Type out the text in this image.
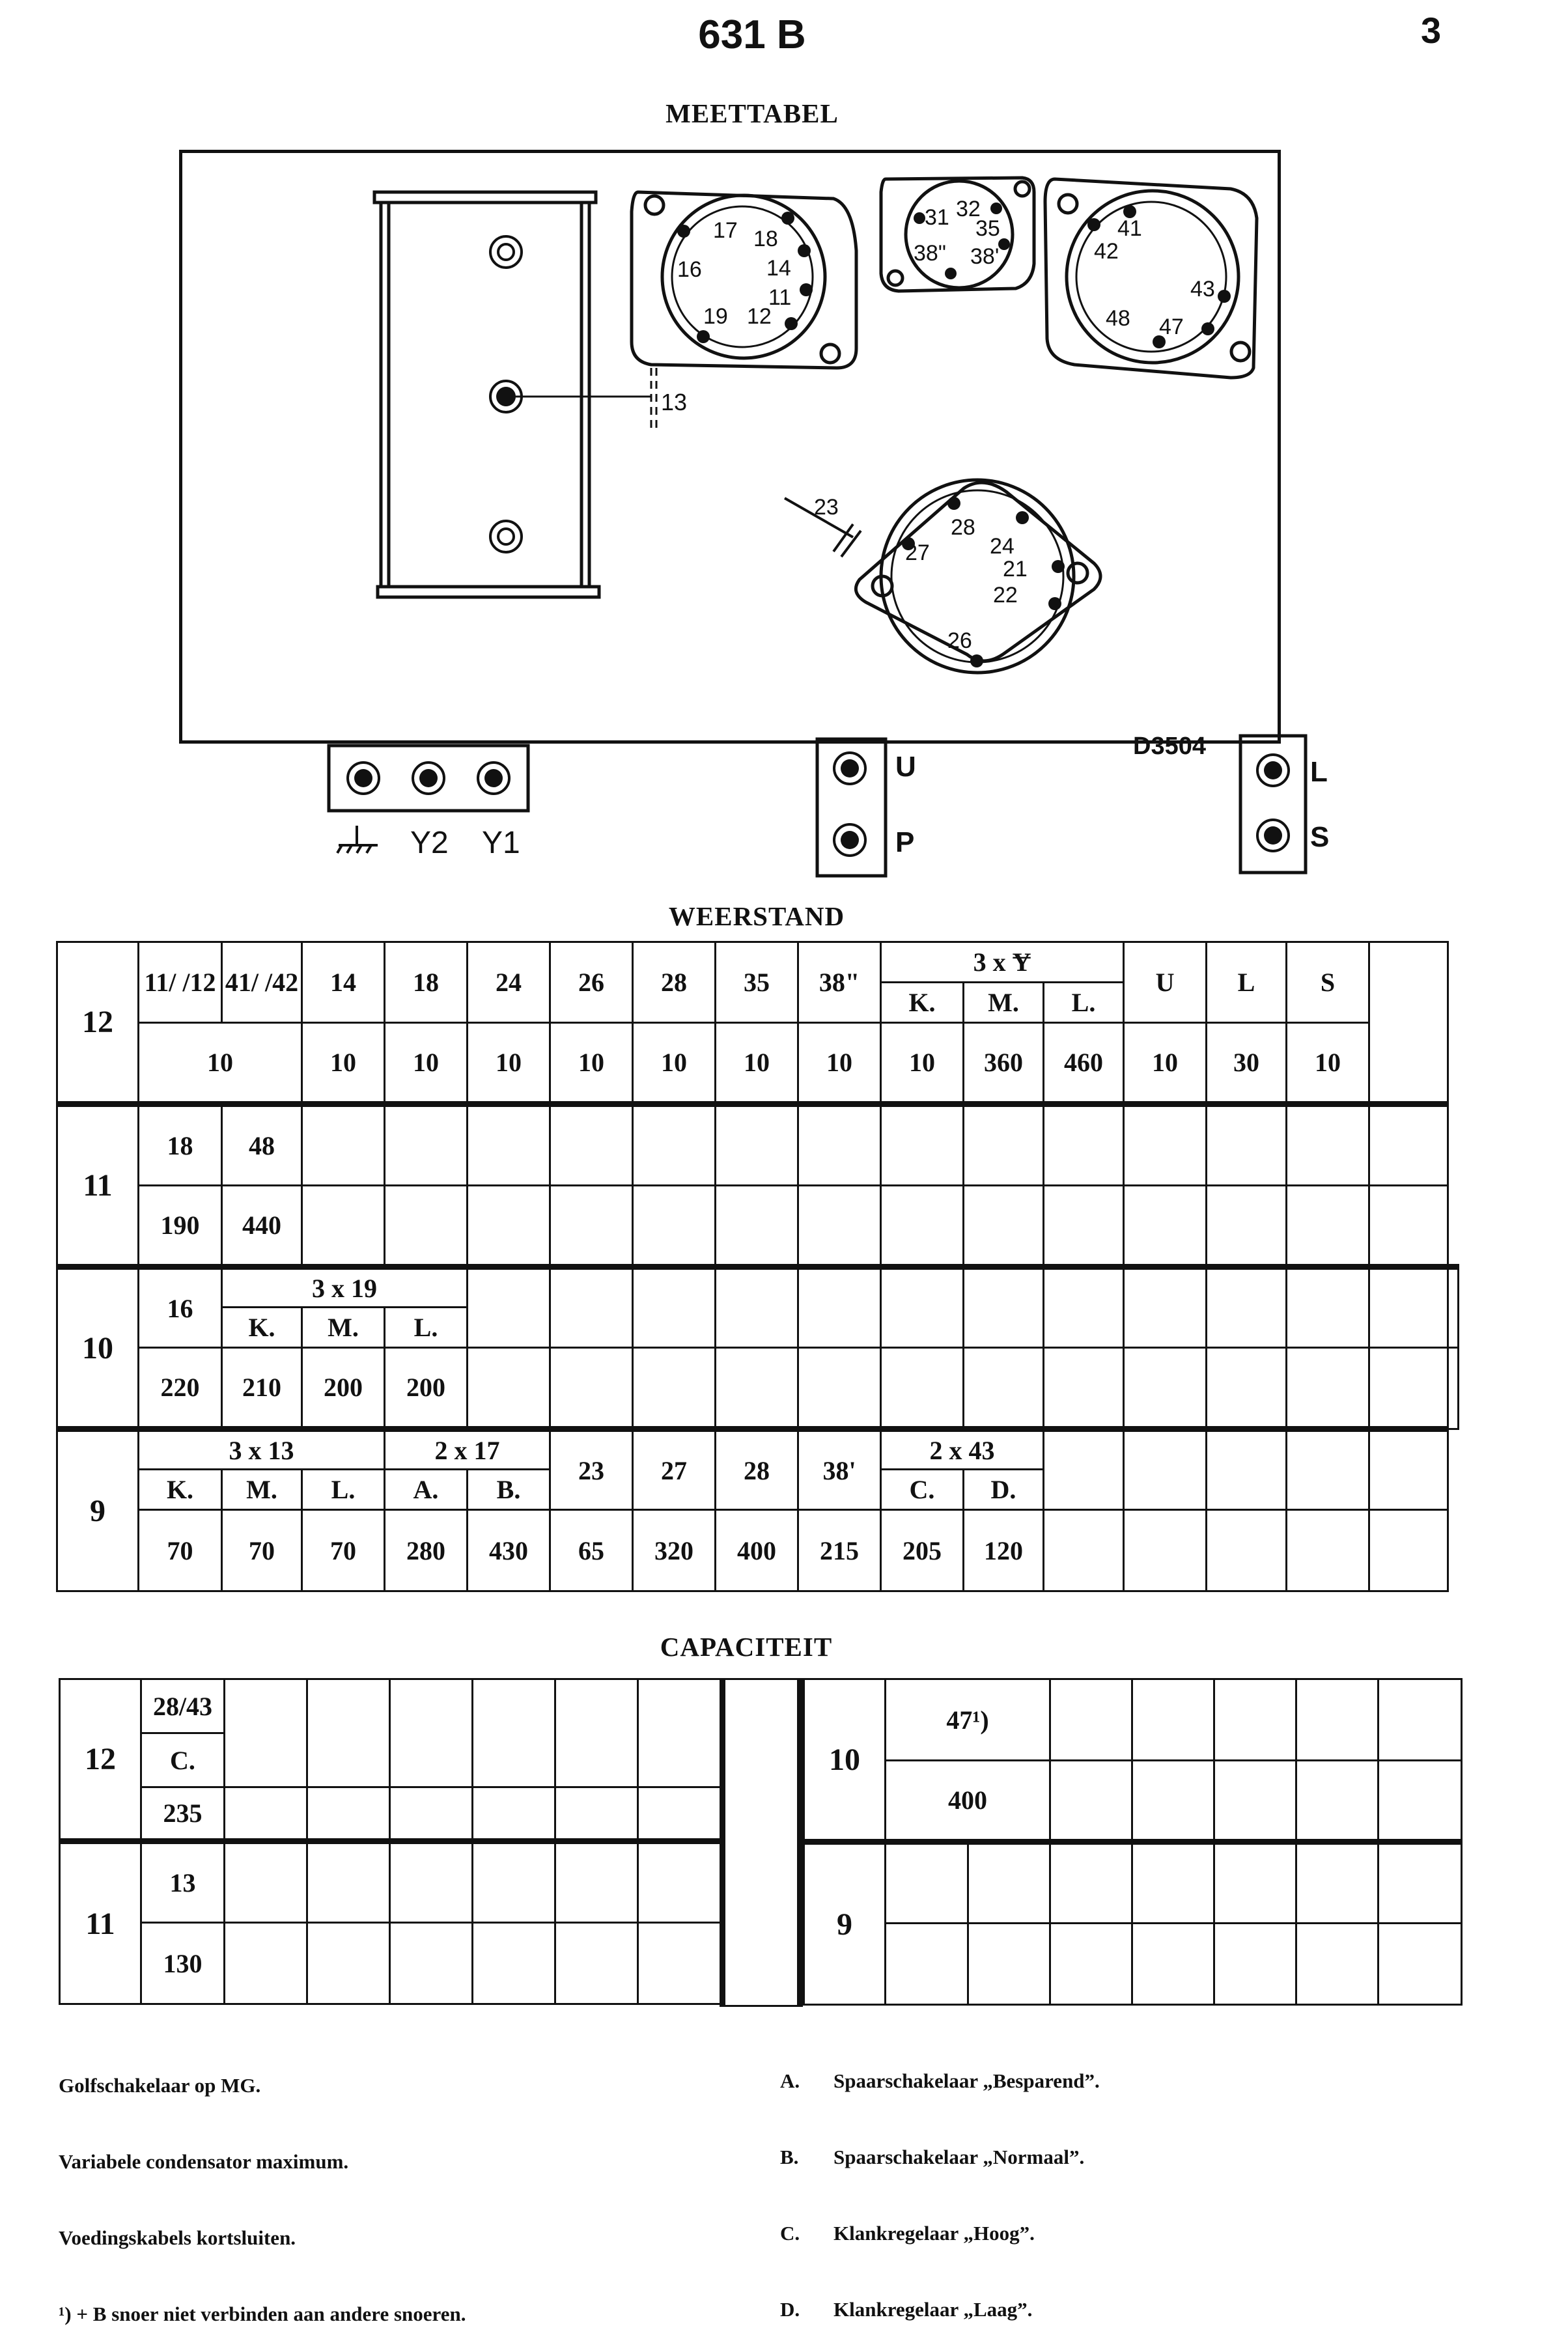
631 B	3
MEETTABEL
13
17 18
16	14
19 12
11
31 32
35
38" 38'
41
42
43
48 47
28
27	24
21
22
26
23
Y2 Y1
U
P
D3504
L
S
WEERSTAND
12	11/ /12	41/ /42	14	18	24	26	28	35	38"	3 x Ɏ			U	L	S		
										K.	M.	L.					
	10		10	10	10	10	10	10	10	10	360	460	10	30	10		
11	18	48															
	190	440															
10	16	3 x 19															
		K.	M.	L.													
	220	210	200	200													
9	3 x 13			2 x 17		23	27	28	38'	2 x 43							
	K.	M.	L.	A.	B.					C.	D.						
	70	70	70	280	430	65	320	400	215	205	120						
CAPACITEIT
12	28/43						
	C.						
	235						
11	13						
	130						
10	47¹)						
	400						
9							

Golfschakelaar op MG.

Variabele condensator maximum.

Voedingskabels kortsluiten.

¹) + B snoer niet verbinden aan andere snoeren.

A.

B.

C.

D.

Spaarschakelaar „Besparend”.

Spaarschakelaar „Normaal”.

Klankregelaar „Hoog”.

Klankregelaar „Laag”.
